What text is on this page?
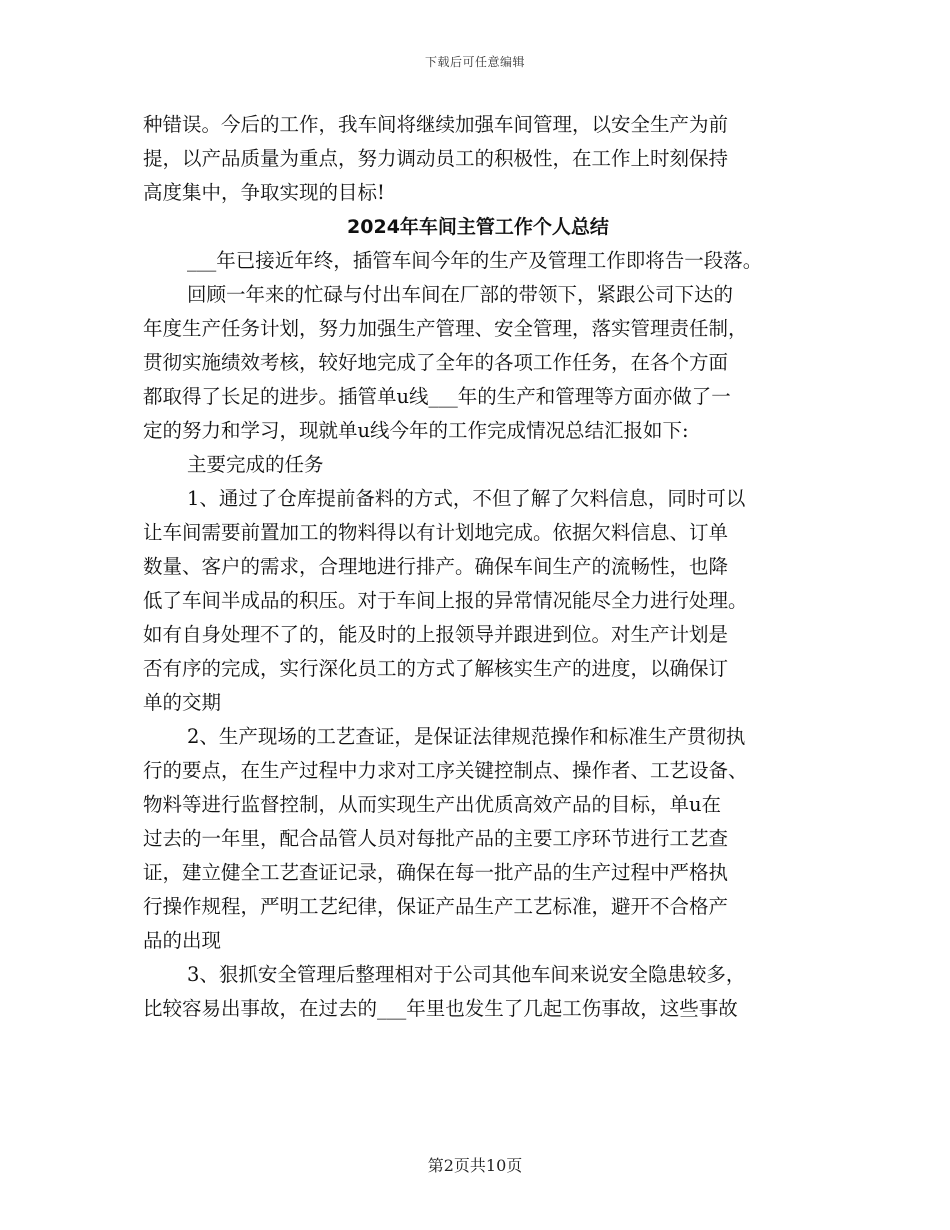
下载后可任意编辑
种错误。今后的工作，我车间将继续加强车间管理，以安全生产为前
提，以产品质量为重点，努力调动员工的积极性，在工作上时刻保持
高度集中，争取实现的目标!
2024年车间主管工作个人总结
___年已接近年终，插管车间今年的生产及管理工作即将告一段落。
回顾一年来的忙碌与付出车间在厂部的带领下，紧跟公司下达的
年度生产任务计划，努力加强生产管理、安全管理，落实管理责任制，
贯彻实施绩效考核，较好地完成了全年的各项工作任务，在各个方面
都取得了长足的进步。插管单u线___年的生产和管理等方面亦做了一
定的努力和学习，现就单u线今年的工作完成情况总结汇报如下:
主要完成的任务
1、通过了仓库提前备料的方式，不但了解了欠料信息，同时可以
让车间需要前置加工的物料得以有计划地完成。依据欠料信息、订单
数量、客户的需求，合理地进行排产。确保车间生产的流畅性，也降
低了车间半成品的积压。对于车间上报的异常情况能尽全力进行处理。
如有自身处理不了的，能及时的上报领导并跟进到位。对生产计划是
否有序的完成，实行深化员工的方式了解核实生产的进度，以确保订
单的交期
2、生产现场的工艺查证，是保证法律规范操作和标准生产贯彻执
行的要点，在生产过程中力求对工序关键控制点、操作者、工艺设备、
物料等进行监督控制，从而实现生产出优质高效产品的目标，单u在
过去的一年里，配合品管人员对每批产品的主要工序环节进行工艺查
证，建立健全工艺查证记录，确保在每一批产品的生产过程中严格执
行操作规程，严明工艺纪律，保证产品生产工艺标准，避开不合格产
品的出现
3、狠抓安全管理后整理相对于公司其他车间来说安全隐患较多，
比较容易出事故，在过去的___年里也发生了几起工伤事故，这些事故
第2页共10页
